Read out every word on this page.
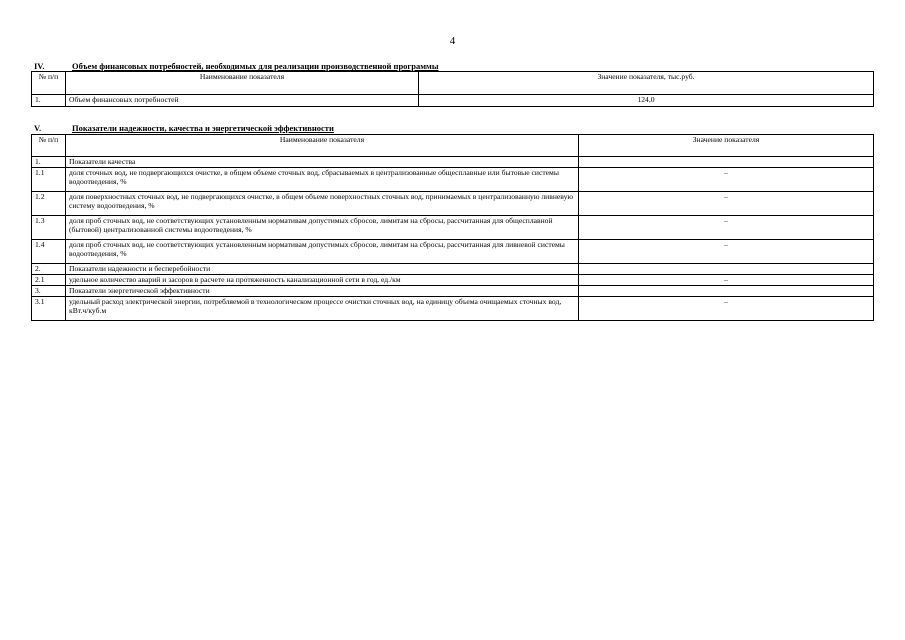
4
IV.	Объем финансовых потребностей, необходимых для реализации производственной программы
№ п/п	Наименование показателя	Значение показателя, тыс.руб.
1.	Объем финансовых потребностей	124,0
V.	Показатели надежности, качества и энергетической эффективности
№ п/п	Наименование показателя	Значение показателя
1.	Показатели качества	
1.1	доля сточных вод, не подвергающихся очистке, в общем объеме сточных вод, сбрасываемых в централизованные общесплавные или бытовые системы водоотведения, %	–
1.2	доля поверхностных сточных вод, не подвергающихся очистке, в общем объеме поверхностных сточных вод, принимаемых в централизованную ливневую систему водоотведения, %	–
1.3	доля проб сточных вод, не соответствующих установленным нормативам допустимых сбросов, лимитам на сбросы, рассчитанная для общесплавной (бытовой) централизованной системы водоотведения, %	–
1.4	доля проб сточных вод, не соответствующих установленным нормативам допустимых сбросов, лимитам на сбросы, рассчитанная для ливневой системы водоотведения, %	–
2.	Показатели надежности и бесперебойности	
2.1	удельное количество аварий и засоров в расчете на протяженность канализационной сети в год, ед./км	–
3.	Показатели энергетической эффективности	
3.1	удельный расход электрической энергии, потребляемой в технологическом процессе очистки сточных вод, на единицу объема очищаемых сточных вод, кВт.ч/куб.м	–
